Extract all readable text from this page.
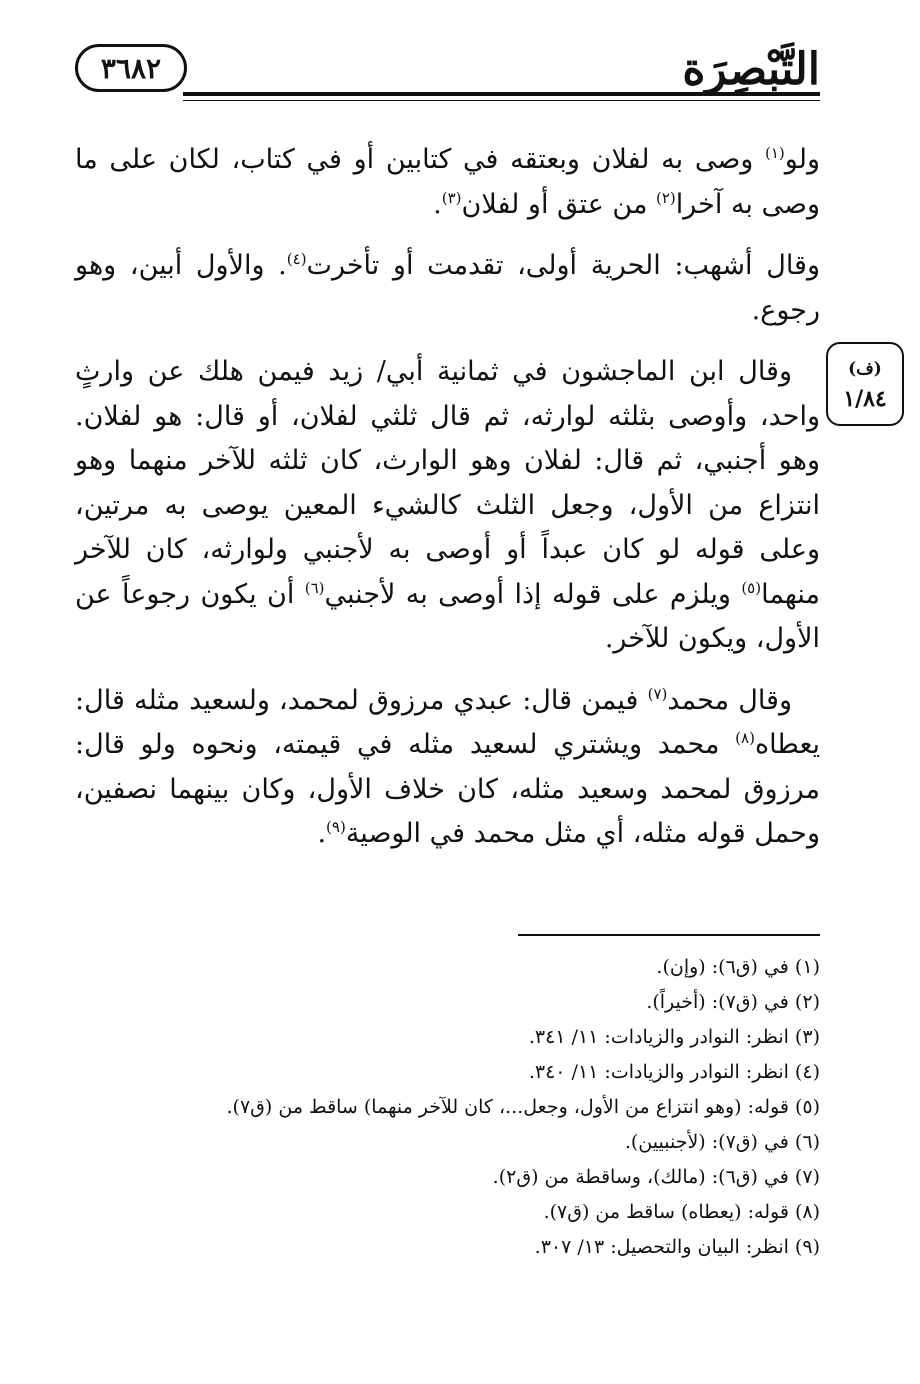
التَّبْصِرَة
٣٦٨٢
(ف)
١/٨٤

ولو$^{(١)}$ وصى به لفلان وبعتقه في كتابين أو في كتاب، لكان على ما وصى به آخرا$^{(٢)}$ من عتق أو لفلان$^{(٣)}$.

وقال أشهب: الحرية أولى، تقدمت أو تأخرت$^{(٤)}$. والأول أبين، وهو رجوع.

وقال ابن الماجشون في ثمانية أبي/ زيد فيمن هلك عن وارثٍ واحد، وأوصى بثلثه لوارثه، ثم قال ثلثي لفلان، أو قال: هو لفلان. وهو أجنبي، ثم قال: لفلان وهو الوارث، كان ثلثه للآخر منهما وهو انتزاع من الأول، وجعل الثلث كالشيء المعين يوصى به مرتين، وعلى قوله لو كان عبداً أو أوصى به لأجنبي ولوارثه، كان للآخر منهما$^{(٥)}$ ويلزم على قوله إذا أوصى به لأجنبي$^{(٦)}$ أن يكون رجوعاً عن الأول، ويكون للآخر.

وقال محمد$^{(٧)}$ فيمن قال: عبدي مرزوق لمحمد، ولسعيد مثله قال: يعطاه$^{(٨)}$ محمد ويشتري لسعيد مثله في قيمته، ونحوه ولو قال: مرزوق لمحمد وسعيد مثله، كان خلاف الأول، وكان بينهما نصفين، وحمل قوله مثله، أي مثل محمد في الوصية$^{(٩)}$.

(١) في (ق٦): (وإن).
(٢) في (ق٧): (أخيراً).
(٣) انظر: النوادر والزيادات: ١١/ ٣٤١.
(٤) انظر: النوادر والزيادات: ١١/ ٣٤٠.
(٥) قوله: (وهو انتزاع من الأول، وجعل...، كان للآخر منهما) ساقط من (ق٧).
(٦) في (ق٧): (لأجنبيين).
(٧) في (ق٦): (مالك)، وساقطة من (ق٢).
(٨) قوله: (يعطاه) ساقط من (ق٧).
(٩) انظر: البيان والتحصيل: ١٣/ ٣٠٧.
